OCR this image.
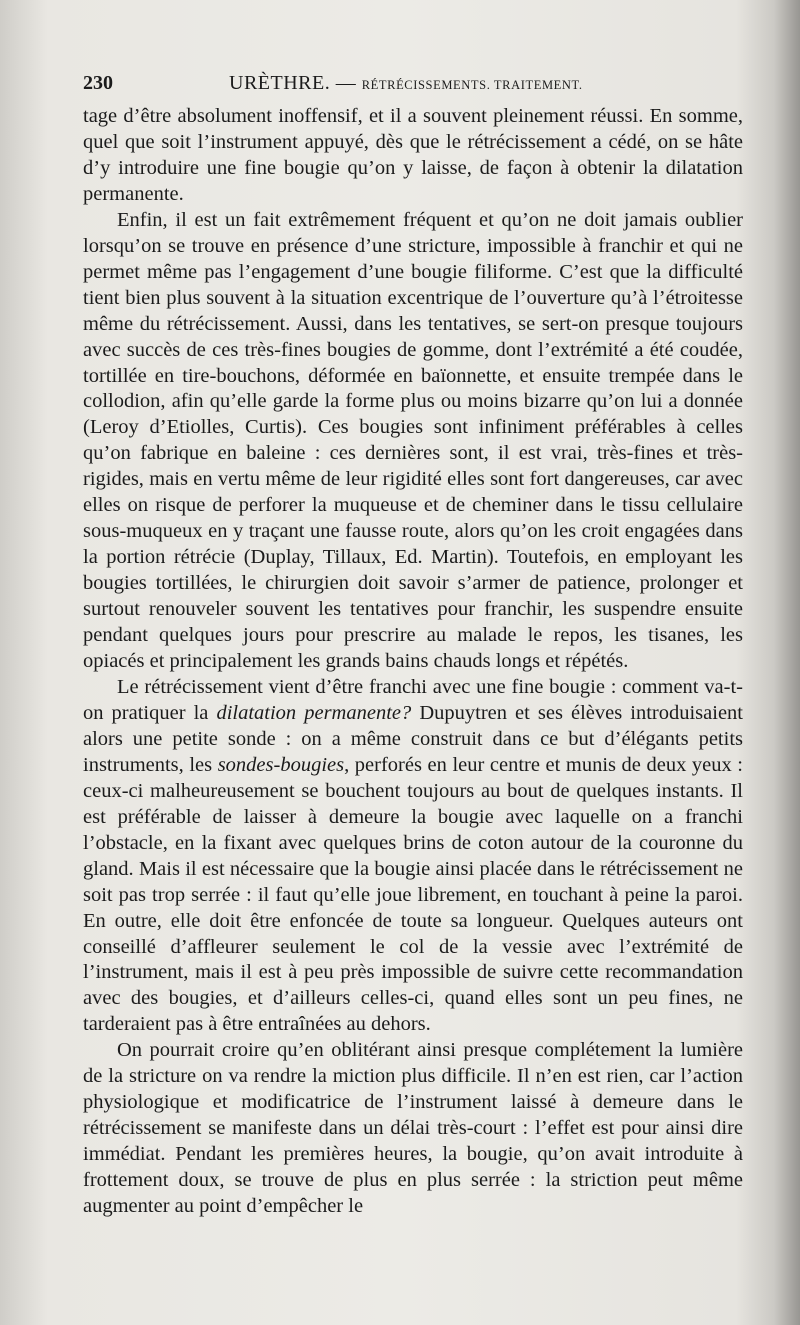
230	URÈTHRE. — RÉTRÉCISSEMENTS. TRAITEMENT.

tage d’être absolument inoffensif, et il a souvent pleinement réussi. En somme, quel que soit l’instrument appuyé, dès que le rétrécissement a cédé, on se hâte d’y introduire une fine bougie qu’on y laisse, de façon à obtenir la dilatation permanente.

Enfin, il est un fait extrêmement fréquent et qu’on ne doit jamais oublier lorsqu’on se trouve en présence d’une stricture, impossible à franchir et qui ne permet même pas l’engagement d’une bougie filiforme. C’est que la difficulté tient bien plus souvent à la situation excentrique de l’ouverture qu’à l’étroitesse même du rétrécissement. Aussi, dans les tentatives, se sert-on presque toujours avec succès de ces très-fines bougies de gomme, dont l’extrémité a été coudée, tortillée en tire-bouchons, déformée en baïonnette, et ensuite trempée dans le collodion, afin qu’elle garde la forme plus ou moins bizarre qu’on lui a donnée (Leroy d’Etiolles, Curtis). Ces bougies sont infiniment préférables à celles qu’on fabrique en baleine : ces dernières sont, il est vrai, très-fines et très-rigides, mais en vertu même de leur rigidité elles sont fort dangereuses, car avec elles on risque de perforer la muqueuse et de cheminer dans le tissu cellulaire sous-muqueux en y traçant une fausse route, alors qu’on les croit engagées dans la portion rétrécie (Duplay, Tillaux, Ed. Martin). Toutefois, en employant les bougies tortillées, le chirurgien doit savoir s’armer de patience, prolonger et surtout renouveler souvent les tentatives pour franchir, les suspendre ensuite pendant quelques jours pour prescrire au malade le repos, les tisanes, les opiacés et principalement les grands bains chauds longs et répétés.

Le rétrécissement vient d’être franchi avec une fine bougie : comment va-t-on pratiquer la dilatation permanente? Dupuytren et ses élèves introduisaient alors une petite sonde : on a même construit dans ce but d’élégants petits instruments, les sondes-bougies, perforés en leur centre et munis de deux yeux : ceux-ci malheureusement se bouchent toujours au bout de quelques instants. Il est préférable de laisser à demeure la bougie avec laquelle on a franchi l’obstacle, en la fixant avec quelques brins de coton autour de la couronne du gland. Mais il est nécessaire que la bougie ainsi placée dans le rétrécissement ne soit pas trop serrée : il faut qu’elle joue librement, en touchant à peine la paroi. En outre, elle doit être enfoncée de toute sa longueur. Quelques auteurs ont conseillé d’affleurer seulement le col de la vessie avec l’extrémité de l’instrument, mais il est à peu près impossible de suivre cette recommandation avec des bougies, et d’ailleurs celles-ci, quand elles sont un peu fines, ne tarderaient pas à être entraînées au dehors.

On pourrait croire qu’en oblitérant ainsi presque complétement la lumière de la stricture on va rendre la miction plus difficile. Il n’en est rien, car l’action physiologique et modificatrice de l’instrument laissé à demeure dans le rétrécissement se manifeste dans un délai très-court : l’effet est pour ainsi dire immédiat. Pendant les premières heures, la bougie, qu’on avait introduite à frottement doux, se trouve de plus en plus serrée : la striction peut même augmenter au point d’empêcher le
